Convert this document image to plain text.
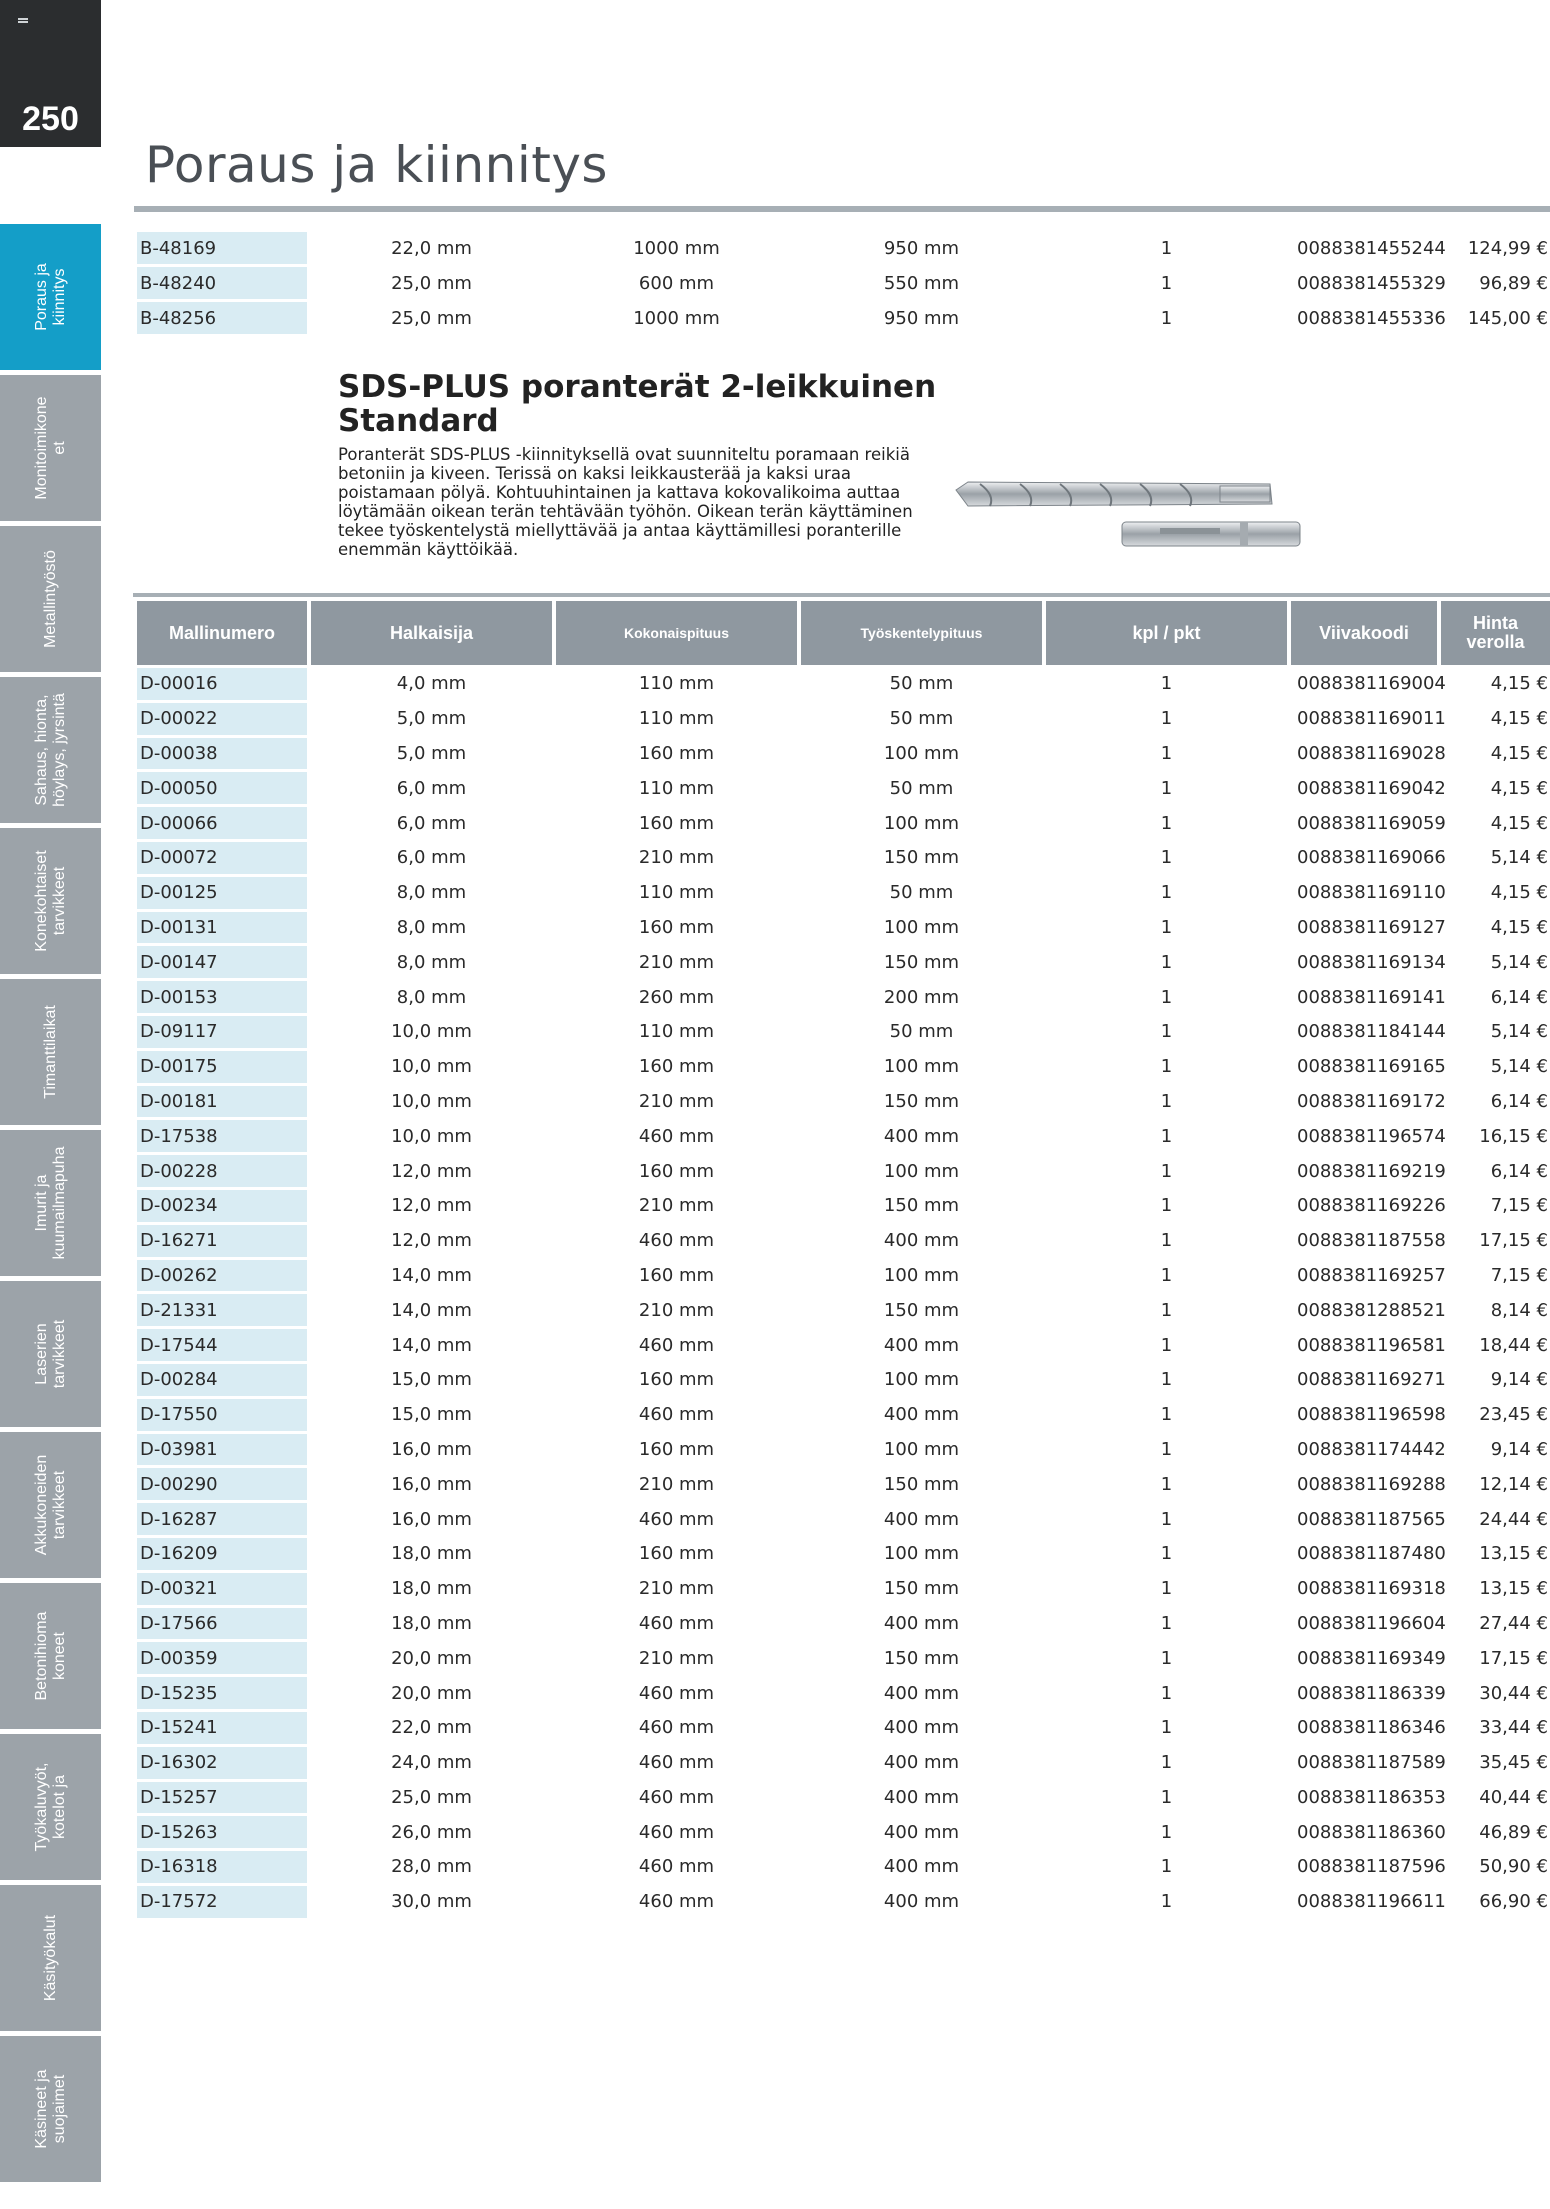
250
Poraus ja
kiinnitys
Monitoimikone
et
Metallintyöstö
Sahaus, hionta,
höylays, jyrsintä
Konekohtaiset
tarvikkeet
Timanttilaikat
Imurit ja
kuumailmapuha
Laserien
tarvikkeet
Akkukoneiden
tarvikkeet
Betonihioma
koneet
Työkaluvyöt,
kotelot ja
Käsityökalut
Käsineet ja
suojaimet
Poraus ja kiinnitys
B-48169	22,0 mm	1000 mm	950 mm	1	0088381455244	124,99 €
B-48240	25,0 mm	600 mm	550 mm	1	0088381455329	96,89 €
B-48256	25,0 mm	1000 mm	950 mm	1	0088381455336	145,00 €
SDS-PLUS poranterät 2-leikkuinen
Standard

Poranterät SDS-PLUS -kiinnityksellä ovat suunniteltu poramaan reikiä betoniin ja kiveen. Terissä on kaksi leikkausterää ja kaksi uraa poistamaan pölyä. Kohtuuhintainen ja kattava kokovalikoima auttaa löytämään oikean terän tehtävään työhön. Oikean terän käyttäminen tekee työskentelystä miellyttävää ja antaa käyttämillesi poranterille enemmän käyttöikää.

Mallinumero	Halkaisija	Kokonaispituus	Työskentelypituus	kpl / pkt	Viivakoodi	Hinta verolla
D-00016	4,0 mm	110 mm	50 mm	1	0088381169004	4,15 €
D-00022	5,0 mm	110 mm	50 mm	1	0088381169011	4,15 €
D-00038	5,0 mm	160 mm	100 mm	1	0088381169028	4,15 €
D-00050	6,0 mm	110 mm	50 mm	1	0088381169042	4,15 €
D-00066	6,0 mm	160 mm	100 mm	1	0088381169059	4,15 €
D-00072	6,0 mm	210 mm	150 mm	1	0088381169066	5,14 €
D-00125	8,0 mm	110 mm	50 mm	1	0088381169110	4,15 €
D-00131	8,0 mm	160 mm	100 mm	1	0088381169127	4,15 €
D-00147	8,0 mm	210 mm	150 mm	1	0088381169134	5,14 €
D-00153	8,0 mm	260 mm	200 mm	1	0088381169141	6,14 €
D-09117	10,0 mm	110 mm	50 mm	1	0088381184144	5,14 €
D-00175	10,0 mm	160 mm	100 mm	1	0088381169165	5,14 €
D-00181	10,0 mm	210 mm	150 mm	1	0088381169172	6,14 €
D-17538	10,0 mm	460 mm	400 mm	1	0088381196574	16,15 €
D-00228	12,0 mm	160 mm	100 mm	1	0088381169219	6,14 €
D-00234	12,0 mm	210 mm	150 mm	1	0088381169226	7,15 €
D-16271	12,0 mm	460 mm	400 mm	1	0088381187558	17,15 €
D-00262	14,0 mm	160 mm	100 mm	1	0088381169257	7,15 €
D-21331	14,0 mm	210 mm	150 mm	1	0088381288521	8,14 €
D-17544	14,0 mm	460 mm	400 mm	1	0088381196581	18,44 €
D-00284	15,0 mm	160 mm	100 mm	1	0088381169271	9,14 €
D-17550	15,0 mm	460 mm	400 mm	1	0088381196598	23,45 €
D-03981	16,0 mm	160 mm	100 mm	1	0088381174442	9,14 €
D-00290	16,0 mm	210 mm	150 mm	1	0088381169288	12,14 €
D-16287	16,0 mm	460 mm	400 mm	1	0088381187565	24,44 €
D-16209	18,0 mm	160 mm	100 mm	1	0088381187480	13,15 €
D-00321	18,0 mm	210 mm	150 mm	1	0088381169318	13,15 €
D-17566	18,0 mm	460 mm	400 mm	1	0088381196604	27,44 €
D-00359	20,0 mm	210 mm	150 mm	1	0088381169349	17,15 €
D-15235	20,0 mm	460 mm	400 mm	1	0088381186339	30,44 €
D-15241	22,0 mm	460 mm	400 mm	1	0088381186346	33,44 €
D-16302	24,0 mm	460 mm	400 mm	1	0088381187589	35,45 €
D-15257	25,0 mm	460 mm	400 mm	1	0088381186353	40,44 €
D-15263	26,0 mm	460 mm	400 mm	1	0088381186360	46,89 €
D-16318	28,0 mm	460 mm	400 mm	1	0088381187596	50,90 €
D-17572	30,0 mm	460 mm	400 mm	1	0088381196611	66,90 €
